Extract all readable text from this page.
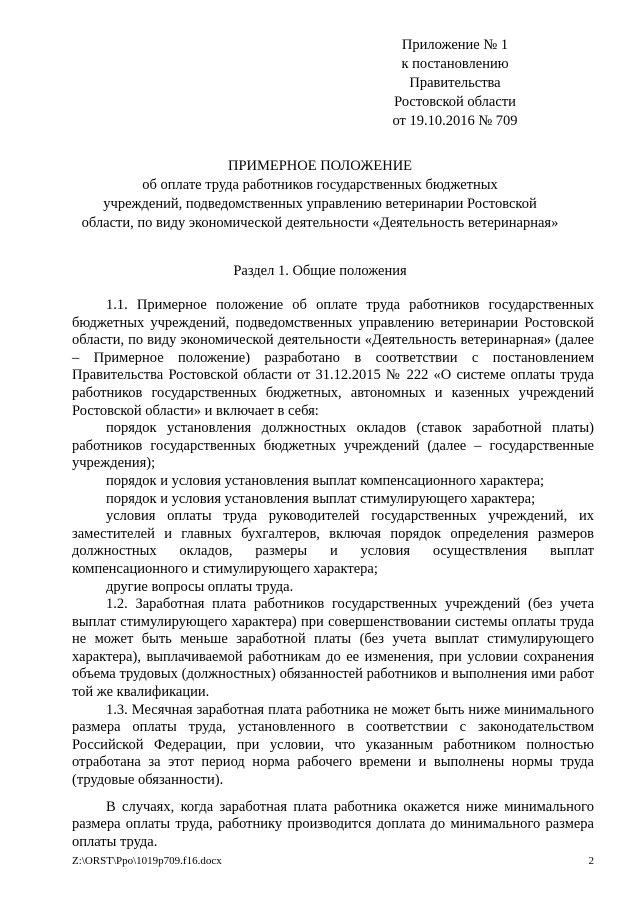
Приложение № 1
к постановлению
Правительства
Ростовской области
от 19.10.2016 № 709
ПРИМЕРНОЕ ПОЛОЖЕНИЕ
об оплате труда работников государственных бюджетных
учреждений, подведомственных управлению ветеринарии Ростовской
области, по виду экономической деятельности «Деятельность ветеринарная»
Раздел 1. Общие положения

1.1. Примерное положение об оплате труда работников государственных бюджетных учреждений, подведомственных управлению ветеринарии Ростовской области, по виду экономической деятельности «Деятельность ветеринарная» (далее – Примерное положение) разработано в соответствии с постановлением Правительства Ростовской области от 31.12.2015 № 222 «О системе оплаты труда работников государственных бюджетных, автономных и казенных учреждений Ростовской области» и включает в себя:

порядок установления должностных окладов (ставок заработной платы) работников государственных бюджетных учреждений (далее – государственные учреждения);

порядок и условия установления выплат компенсационного характера;

порядок и условия установления выплат стимулирующего характера;

условия оплаты труда руководителей государственных учреждений, их заместителей и главных бухгалтеров, включая порядок определения размеров должностных окладов, размеры и условия осуществления выплат компенсационного и стимулирующего характера;

другие вопросы оплаты труда.

1.2. Заработная плата работников государственных учреждений (без учета выплат стимулирующего характера) при совершенствовании системы оплаты труда не может быть меньше заработной платы (без учета выплат стимулирующего характера), выплачиваемой работникам до ее изменения, при условии сохранения объема трудовых (должностных) обязанностей работников и выполнения ими работ той же квалификации.

1.3. Месячная заработная плата работника не может быть ниже минимального размера оплаты труда, установленного в соответствии с законодательством Российской Федерации, при условии, что указанным работником полностью отработана за этот период норма рабочего времени и выполнены нормы труда (трудовые обязанности).

В случаях, когда заработная плата работника окажется ниже минимального размера оплаты труда, работнику производится доплата до минимального размера оплаты труда.

Z:\ORST\Ppo\1019p709.f16.docx	2
